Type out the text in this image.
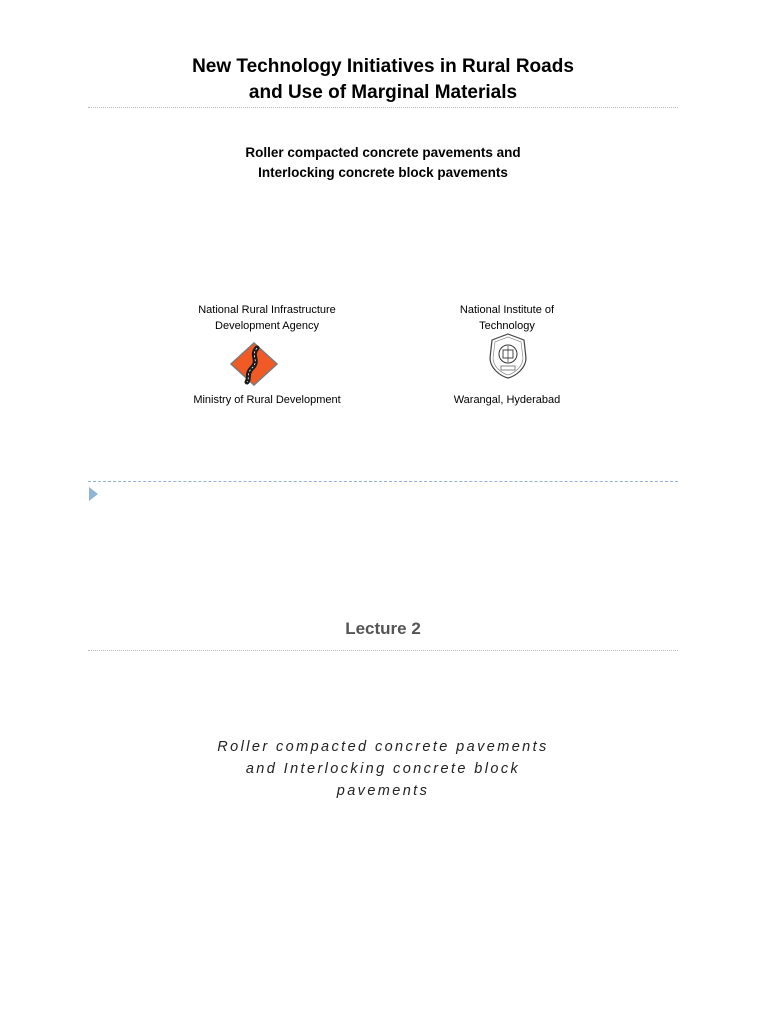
New Technology Initiatives in Rural Roads
and Use of Marginal Materials
Roller compacted concrete pavements and
Interlocking concrete block pavements
National Rural Infrastructure
Development Agency
Ministry of Rural Development
National Institute of
Technology
Warangal, Hyderabad
Lecture 2
Roller compacted concrete pavements
and Interlocking concrete block
pavements
